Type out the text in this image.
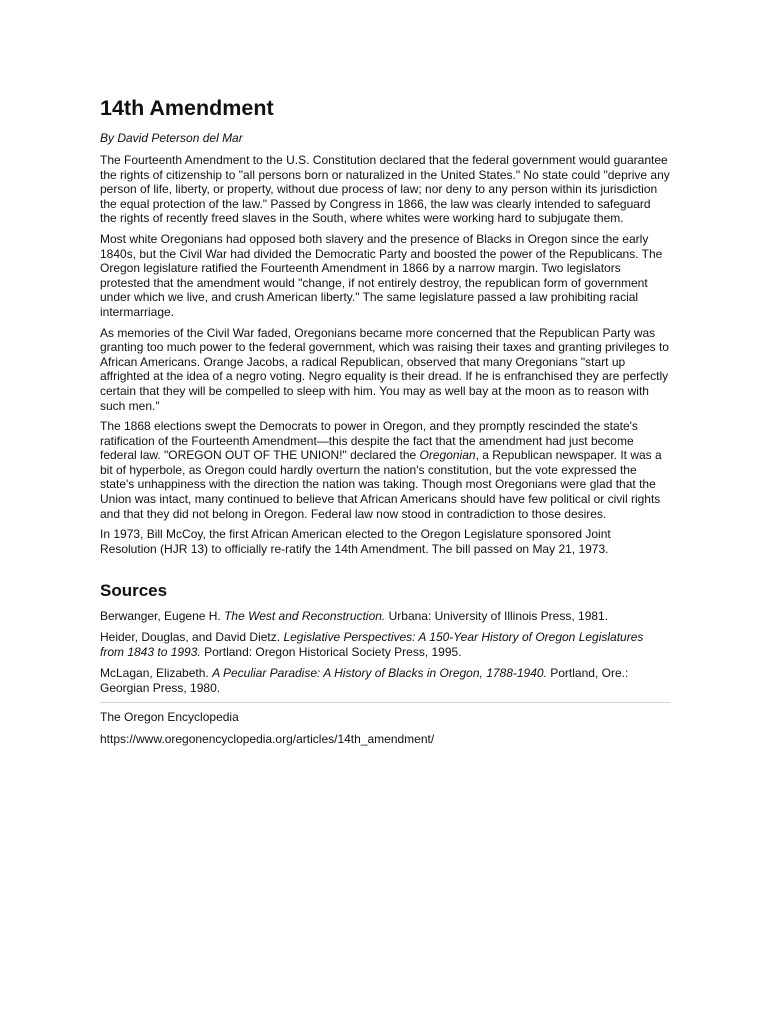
14th Amendment
By David Peterson del Mar

The Fourteenth Amendment to the U.S. Constitution declared that the federal government would guarantee the rights of citizenship to "all persons born or naturalized in the United States." No state could "deprive any person of life, liberty, or property, without due process of law; nor deny to any person within its jurisdiction the equal protection of the law." Passed by Congress in 1866, the law was clearly intended to safeguard the rights of recently freed slaves in the South, where whites were working hard to subjugate them.

Most white Oregonians had opposed both slavery and the presence of Blacks in Oregon since the early 1840s, but the Civil War had divided the Democratic Party and boosted the power of the Republicans. The Oregon legislature ratified the Fourteenth Amendment in 1866 by a narrow margin. Two legislators protested that the amendment would "change, if not entirely destroy, the republican form of government under which we live, and crush American liberty." The same legislature passed a law prohibiting racial intermarriage.

As memories of the Civil War faded, Oregonians became more concerned that the Republican Party was granting too much power to the federal government, which was raising their taxes and granting privileges to African Americans. Orange Jacobs, a radical Republican, observed that many Oregonians "start up affrighted at the idea of a negro voting. Negro equality is their dread. If he is enfranchised they are perfectly certain that they will be compelled to sleep with him. You may as well bay at the moon as to reason with such men."

The 1868 elections swept the Democrats to power in Oregon, and they promptly rescinded the state's ratification of the Fourteenth Amendment—this despite the fact that the amendment had just become federal law. "OREGON OUT OF THE UNION!" declared the Oregonian, a Republican newspaper. It was a bit of hyperbole, as Oregon could hardly overturn the nation's constitution, but the vote expressed the state's unhappiness with the direction the nation was taking. Though most Oregonians were glad that the Union was intact, many continued to believe that African Americans should have few political or civil rights and that they did not belong in Oregon. Federal law now stood in contradiction to those desires.

In 1973, Bill McCoy, the first African American elected to the Oregon Legislature sponsored Joint Resolution (HJR 13) to officially re-ratify the 14th Amendment. The bill passed on May 21, 1973.

Sources

Berwanger, Eugene H. The West and Reconstruction. Urbana: University of Illinois Press, 1981.

Heider, Douglas, and David Dietz. Legislative Perspectives: A 150-Year History of Oregon Legislatures from 1843 to 1993. Portland: Oregon Historical Society Press, 1995.

McLagan, Elizabeth. A Peculiar Paradise: A History of Blacks in Oregon, 1788-1940. Portland, Ore.: Georgian Press, 1980.

The Oregon Encyclopedia
https://www.oregonencyclopedia.org/articles/14th_amendment/
